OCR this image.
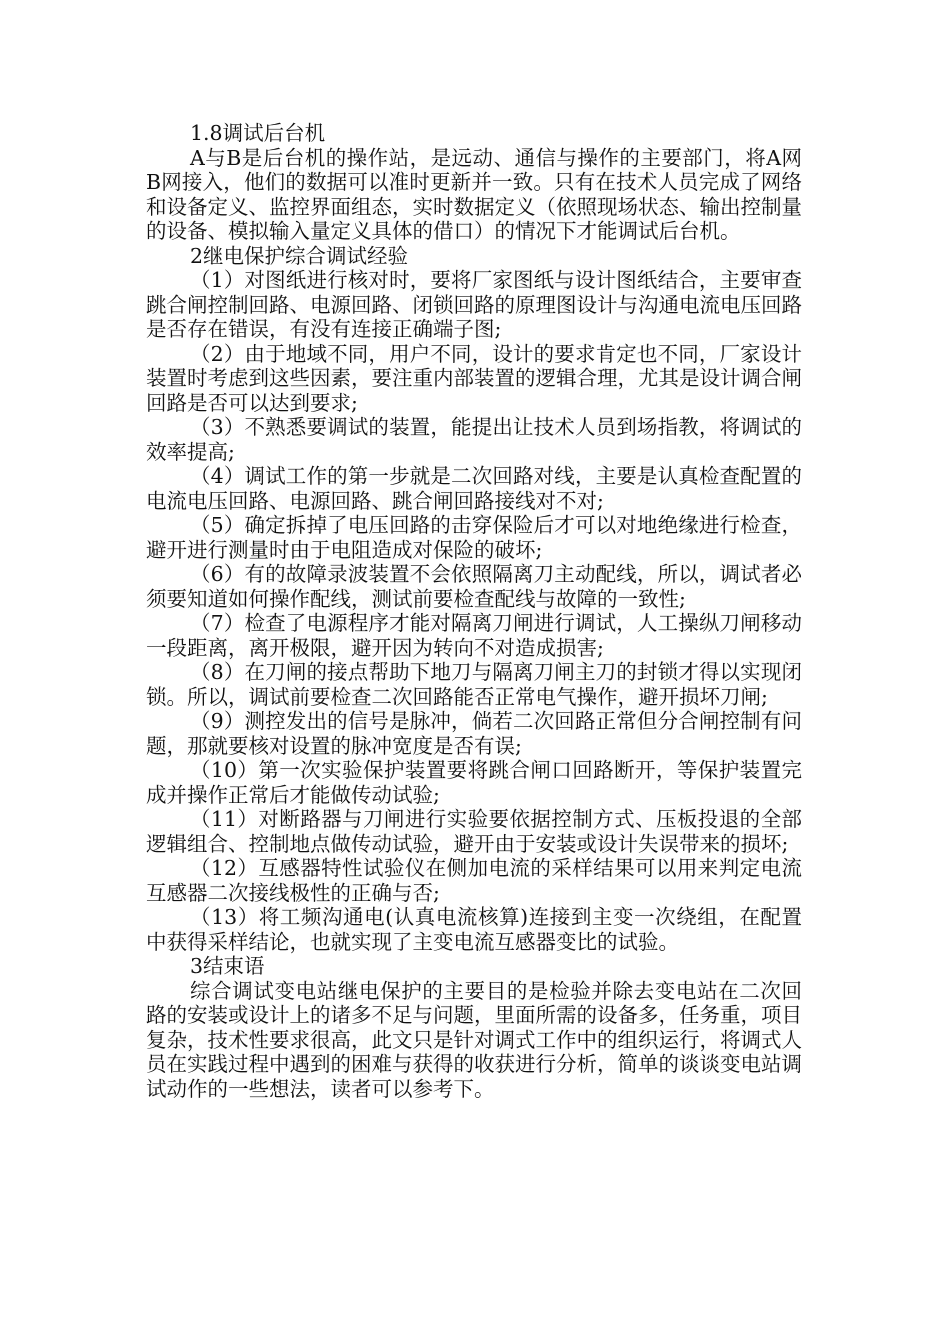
1.8调试后台机

A与B是后台机的操作站，是远动、通信与操作的主要部门，将A网B网接入，他们的数据可以准时更新并一致。只有在技术人员完成了网络和设备定义、监控界面组态，实时数据定义（依照现场状态、输出控制量的设备、模拟输入量定义具体的借口）的情况下才能调试后台机。

2继电保护综合调试经验

（1）对图纸进行核对时，要将厂家图纸与设计图纸结合，主要审查跳合闸控制回路、电源回路、闭锁回路的原理图设计与沟通电流电压回路是否存在错误，有没有连接正确端子图;

（2）由于地域不同，用户不同，设计的要求肯定也不同，厂家设计装置时考虑到这些因素，要注重内部装置的逻辑合理，尤其是设计调合闸回路是否可以达到要求;

（3）不熟悉要调试的装置，能提出让技术人员到场指教，将调试的效率提高;

（4）调试工作的第一步就是二次回路对线，主要是认真检查配置的电流电压回路、电源回路、跳合闸回路接线对不对;

（5）确定拆掉了电压回路的击穿保险后才可以对地绝缘进行检查，避开进行测量时由于电阻造成对保险的破坏;

（6）有的故障录波装置不会依照隔离刀主动配线，所以，调试者必须要知道如何操作配线，测试前要检查配线与故障的一致性;

（7）检查了电源程序才能对隔离刀闸进行调试，人工操纵刀闸移动一段距离，离开极限，避开因为转向不对造成损害;

（8）在刀闸的接点帮助下地刀与隔离刀闸主刀的封锁才得以实现闭锁。所以，调试前要检查二次回路能否正常电气操作，避开损坏刀闸;

（9）测控发出的信号是脉冲，倘若二次回路正常但分合闸控制有问题，那就要核对设置的脉冲宽度是否有误;

（10）第一次实验保护装置要将跳合闸口回路断开，等保护装置完成并操作正常后才能做传动试验;

（11）对断路器与刀闸进行实验要依据控制方式、压板投退的全部逻辑组合、控制地点做传动试验，避开由于安装或设计失误带来的损坏;

（12）互感器特性试验仪在侧加电流的采样结果可以用来判定电流互感器二次接线极性的正确与否;

（13）将工频沟通电(认真电流核算)连接到主变一次绕组，在配置中获得采样结论，也就实现了主变电流互感器变比的试验。

3结束语

综合调试变电站继电保护的主要目的是检验并除去变电站在二次回路的安装或设计上的诸多不足与问题，里面所需的设备多，任务重，项目复杂，技术性要求很高，此文只是针对调式工作中的组织运行，将调式人员在实践过程中遇到的困难与获得的收获进行分析，简单的谈谈变电站调试动作的一些想法，读者可以参考下。
